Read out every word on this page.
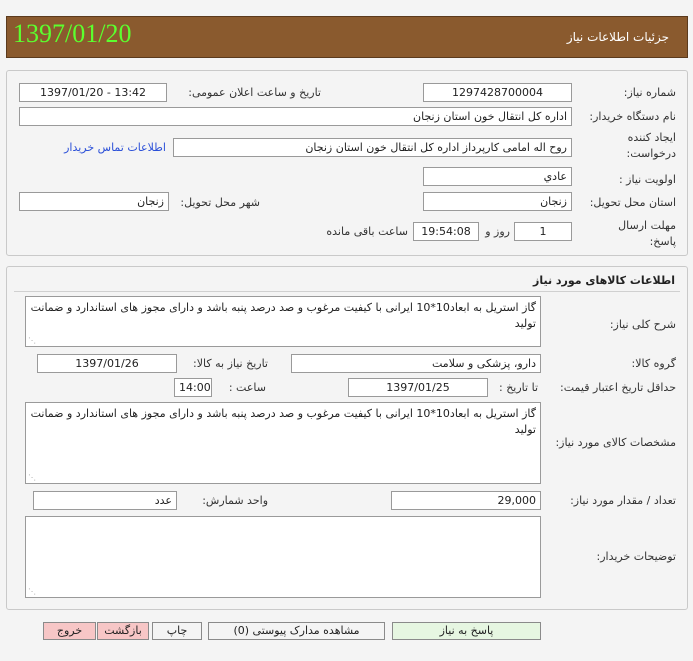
1397/01/20	جزئیات اطلاعات نیاز
شماره نیاز:
1297428700004
تاریخ و ساعت اعلان عمومی:
1397/01/20 - 13:42
نام دستگاه خریدار:
اداره کل انتقال خون استان زنجان
ایجاد کننده
درخواست:
روح اله امامی کارپرداز اداره کل انتقال خون استان زنجان
اطلاعات تماس خریدار
اولویت نیاز :
عادي
استان محل تحویل:
زنجان
شهر محل تحویل:
زنجان
مهلت ارسال
پاسخ:
1
روز و
19:54:08
ساعت باقی مانده
اطلاعات کالاهای مورد نیاز
شرح کلی نیاز:
گاز استریل به ابعاد10*10 ایرانی با کیفیت مرغوب و صد درصد پنبه باشد و دارای مجوز های استاندارد و ضمانت تولید
⋰
گروه کالا:
دارو، پزشکی و سلامت
تاریخ نیاز به کالا:
1397/01/26
حداقل تاریخ اعتبار قیمت:
تا تاریخ :
1397/01/25
ساعت :
14:00
مشخصات کالای مورد نیاز:
گاز استریل به ابعاد10*10 ایرانی با کیفیت مرغوب و صد درصد پنبه باشد و دارای مجوز های استاندارد و ضمانت تولید
⋰
تعداد / مقدار مورد نیاز:
29,000
واحد شمارش:
عدد
توضیحات خریدار:
⋰
پاسخ به نیاز
مشاهده مدارک پیوستی (0)
چاپ
بازگشت
خروج
